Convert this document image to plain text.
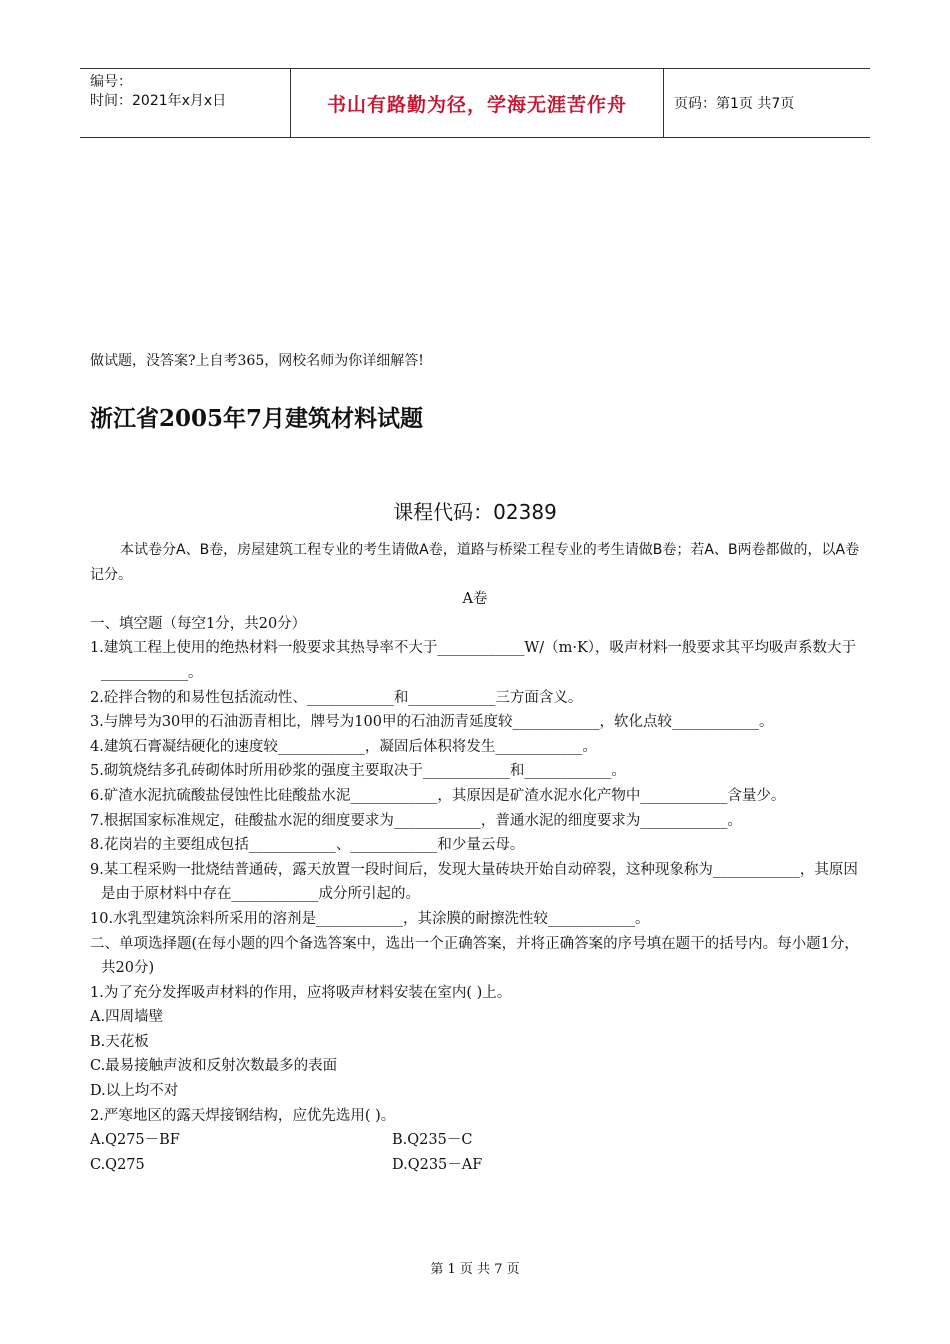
编号：
时间：2021年x月x日	书山有路勤为径，学海无涯苦作舟	页码：第1页 共7页
做试题，没答案?上自考365，网校名师为你详细解答!
浙江省2005年7月建筑材料试题
课程代码：02389

本试卷分A、B卷，房屋建筑工程专业的考生请做A卷，道路与桥梁工程专业的考生请做B卷；若A、B两卷都做的，以A卷记分。

A卷

一、填空题（每空1分，共20分）

1.建筑工程上使用的绝热材料一般要求其热导率不大于____________W/（m·K），吸声材料一般要求其平均吸声系数大于____________。

2.砼拌合物的和易性包括流动性、____________和____________三方面含义。

3.与牌号为30甲的石油沥青相比，牌号为100甲的石油沥青延度较____________，软化点较____________。

4.建筑石膏凝结硬化的速度较____________，凝固后体积将发生____________。

5.砌筑烧结多孔砖砌体时所用砂浆的强度主要取决于____________和____________。

6.矿渣水泥抗硫酸盐侵蚀性比硅酸盐水泥____________，其原因是矿渣水泥水化产物中____________含量少。

7.根据国家标准规定，硅酸盐水泥的细度要求为____________，普通水泥的细度要求为____________。

8.花岗岩的主要组成包括____________、____________和少量云母。

9.某工程采购一批烧结普通砖，露天放置一段时间后，发现大量砖块开始自动碎裂，这种现象称为____________，其原因是由于原材料中存在____________成分所引起的。

10.水乳型建筑涂料所采用的溶剂是____________，其涂膜的耐擦洗性较____________。

二、单项选择题(在每小题的四个备选答案中，选出一个正确答案，并将正确答案的序号填在题干的括号内。每小题1分，共20分)

1.为了充分发挥吸声材料的作用，应将吸声材料安装在室内( )上。

A.四周墙壁

B.天花板

C.最易接触声波和反射次数最多的表面

D.以上均不对

2.严寒地区的露天焊接钢结构，应优先选用( )。

A.Q275－BF	B.Q235－C

C.Q275	D.Q235－AF

第 1 页 共 7 页
